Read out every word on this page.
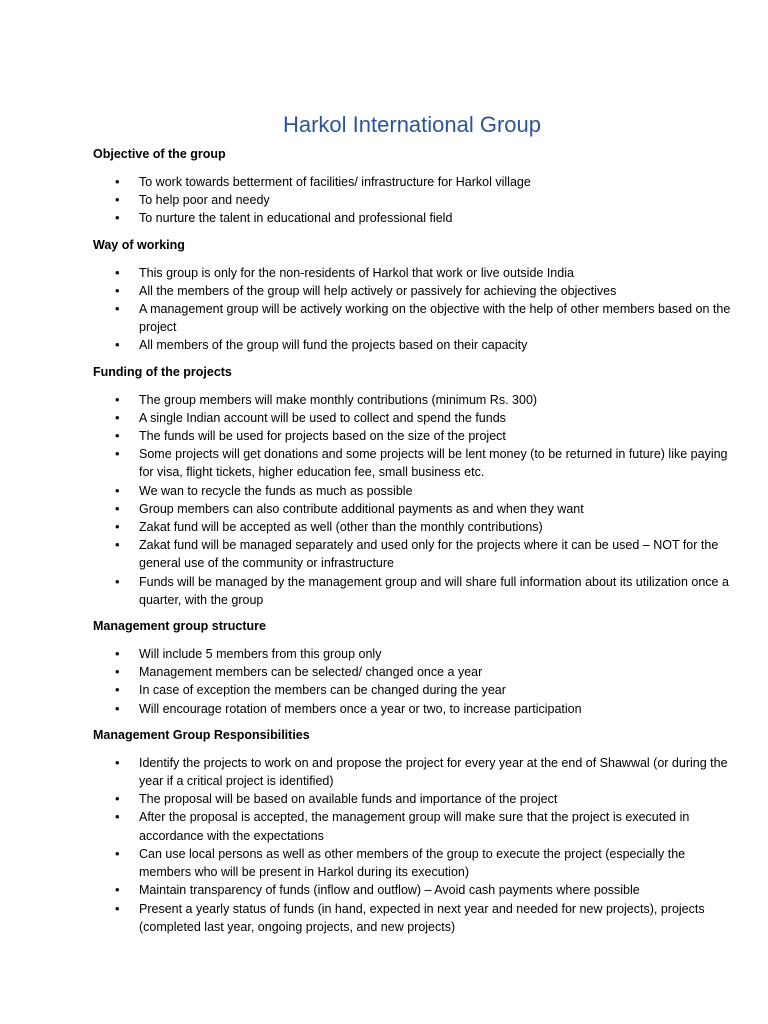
Harkol International Group

Objective of the group

• To work towards betterment of facilities/ infrastructure for Harkol village
• To help poor and needy
• To nurture the talent in educational and professional field

Way of working

• This group is only for the non-residents of Harkol that work or live outside India
• All the members of the group will help actively or passively for achieving the objectives
• A management group will be actively working on the objective with the help of other members based on the project
• All members of the group will fund the projects based on their capacity

Funding of the projects

• The group members will make monthly contributions (minimum Rs. 300)
• A single Indian account will be used to collect and spend the funds
• The funds will be used for projects based on the size of the project
• Some projects will get donations and some projects will be lent money (to be returned in future) like paying for visa, flight tickets, higher education fee, small business etc.
• We wan to recycle the funds as much as possible
• Group members can also contribute additional payments as and when they want
• Zakat fund will be accepted as well (other than the monthly contributions)
• Zakat fund will be managed separately and used only for the projects where it can be used – NOT for the general use of the community or infrastructure
• Funds will be managed by the management group and will share full information about its utilization once a quarter, with the group

Management group structure

• Will include 5 members from this group only
• Management members can be selected/ changed once a year
• In case of exception the members can be changed during the year
• Will encourage rotation of members once a year or two, to increase participation

Management Group Responsibilities

• Identify the projects to work on and propose the project for every year at the end of Shawwal (or during the year if a critical project is identified)
• The proposal will be based on available funds and importance of the project
• After the proposal is accepted, the management group will make sure that the project is executed in accordance with the expectations
• Can use local persons as well as other members of the group to execute the project (especially the members who will be present in Harkol during its execution)
• Maintain transparency of funds (inflow and outflow) – Avoid cash payments where possible
• Present a yearly status of funds (in hand, expected in next year and needed for new projects), projects (completed last year, ongoing projects, and new projects)
